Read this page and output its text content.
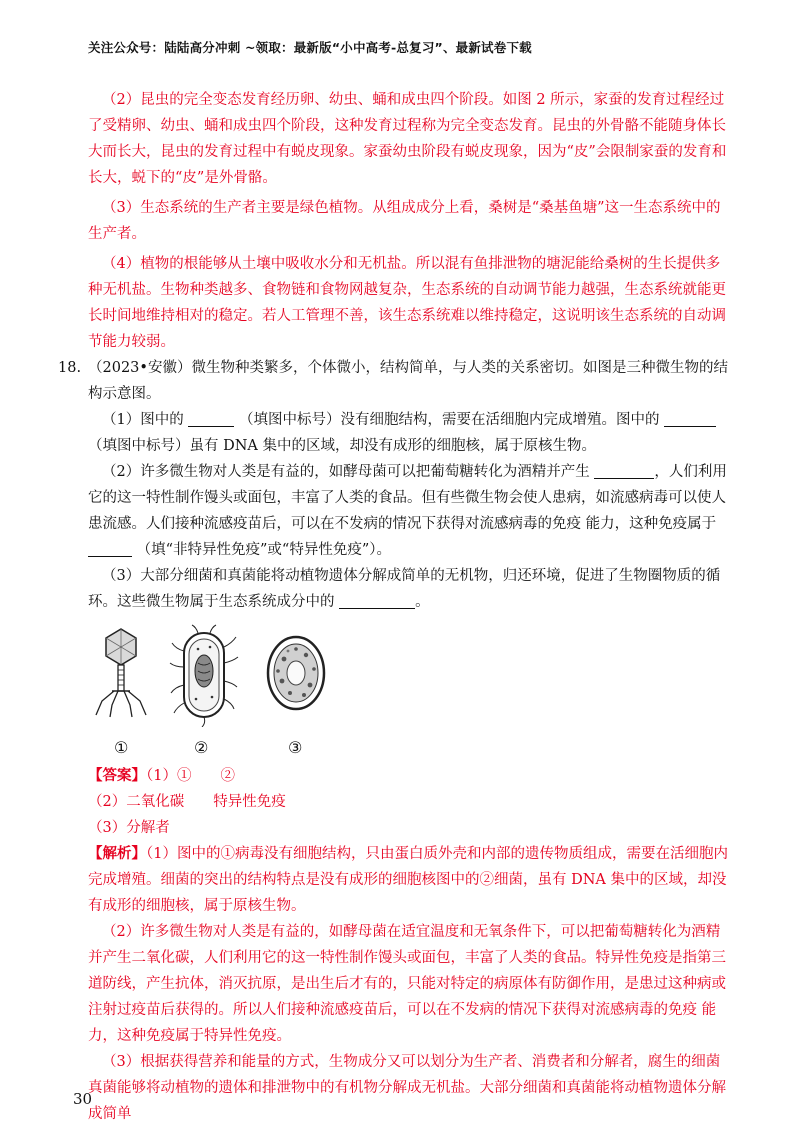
关注公众号：陆陆高分冲刺 ~领取：最新版“小中高考-总复习”、最新试卷下载

（2）昆虫的完全变态发育经历卵、幼虫、蛹和成虫四个阶段。如图 2 所示，家蚕的发育过程经过了受精卵、幼虫、蛹和成虫四个阶段，这种发育过程称为完全变态发育。昆虫的外骨骼不能随身体长大而长大，昆虫的发育过程中有蜕皮现象。家蚕幼虫阶段有蜕皮现象，因为“皮”会限制家蚕的发育和长大，蜕下的“皮”是外骨骼。

（3）生态系统的生产者主要是绿色植物。从组成成分上看，桑树是“桑基鱼塘”这一生态系统中的生产者。

（4）植物的根能够从土壤中吸收水分和无机盐。所以混有鱼排泄物的塘泥能给桑树的生长提供多种无机盐。生物种类越多、食物链和食物网越复杂，生态系统的自动调节能力越强，生态系统就能更长时间地维持相对的稳定。若人工管理不善，该生态系统难以维持稳定，这说明该生态系统的自动调节能力较弱。

18. （2023•安徽）微生物种类繁多，个体微小，结构简单，与人类的关系密切。如图是三种微生物的结构示意图。

（1）图中的	（填图中标号）没有细胞结构，需要在活细胞内完成增殖。图中的  （填图中标号）虽有 DNA 集中的区域，却没有成形的细胞核，属于原核生物。

（2）许多微生物对人类是有益的，如酵母菌可以把葡萄糖转化为酒精并产生	，人们利用它的这一特性制作馒头或面包，丰富了人类的食品。但有些微生物会使人患病，如流感病毒可以使人患流感。人们接种流感疫苗后，可以在不发病的情况下获得对流感病毒的免疫 能力，这种免疫属于  （填“非特异性免疫”或“特异性免疫”）。

（3）大部分细菌和真菌能将动植物遗体分解成简单的无机物，归还环境，促进了生物圈物质的循环。这些微生物属于生态系统成分中的	。

①	②	③

【答案】（1）①　　②

（2）二氧化碳　　特异性免疫

（3）分解者

【解析】（1）图中的①病毒没有细胞结构，只由蛋白质外壳和内部的遗传物质组成，需要在活细胞内完成增殖。细菌的突出的结构特点是没有成形的细胞核图中的②细菌，虽有 DNA 集中的区域，却没有成形的细胞核，属于原核生物。

（2）许多微生物对人类是有益的，如酵母菌在适宜温度和无氧条件下，可以把葡萄糖转化为酒精并产生二氧化碳，人们利用它的这一特性制作馒头或面包，丰富了人类的食品。特异性免疫是指第三道防线，产生抗体，消灭抗原，是出生后才有的，只能对特定的病原体有防御作用，是患过这种病或注射过疫苗后获得的。所以人们接种流感疫苗后，可以在不发病的情况下获得对流感病毒的免疫 能力，这种免疫属于特异性免疫。

（3）根据获得营养和能量的方式，生物成分又可以划分为生产者、消费者和分解者，腐生的细菌真菌能够将动植物的遗体和排泄物中的有机物分解成无机盐。大部分细菌和真菌能将动植物遗体分解成简单

30
